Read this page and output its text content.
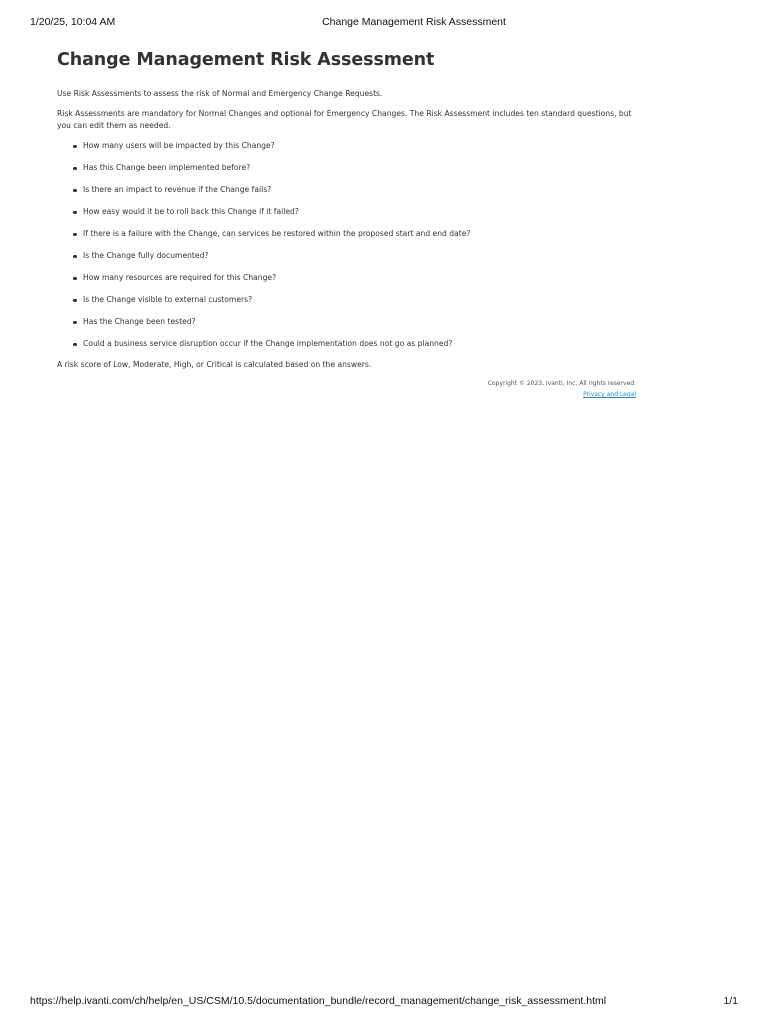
1/20/25, 10:04 AM	Change Management Risk Assessment
Change Management Risk Assessment

Use Risk Assessments to assess the risk of Normal and Emergency Change Requests.

Risk Assessments are mandatory for Normal Changes and optional for Emergency Changes. The Risk Assessment includes ten standard questions, but you can edit them as needed.

How many users will be impacted by this Change?
Has this Change been implemented before?
Is there an impact to revenue if the Change fails?
How easy would it be to roll back this Change if it failed?
If there is a failure with the Change, can services be restored within the proposed start and end date?
Is the Change fully documented?
How many resources are required for this Change?
Is the Change visible to external customers?
Has the Change been tested?
Could a business service disruption occur if the Change implementation does not go as planned?

A risk score of Low, Moderate, High, or Critical is calculated based on the answers.

Copyright © 2023, Ivanti, Inc. All rights reserved.
Privacy and Legal
https://help.ivanti.com/ch/help/en_US/CSM/10.5/documentation_bundle/record_management/change_risk_assessment.html	1/1
